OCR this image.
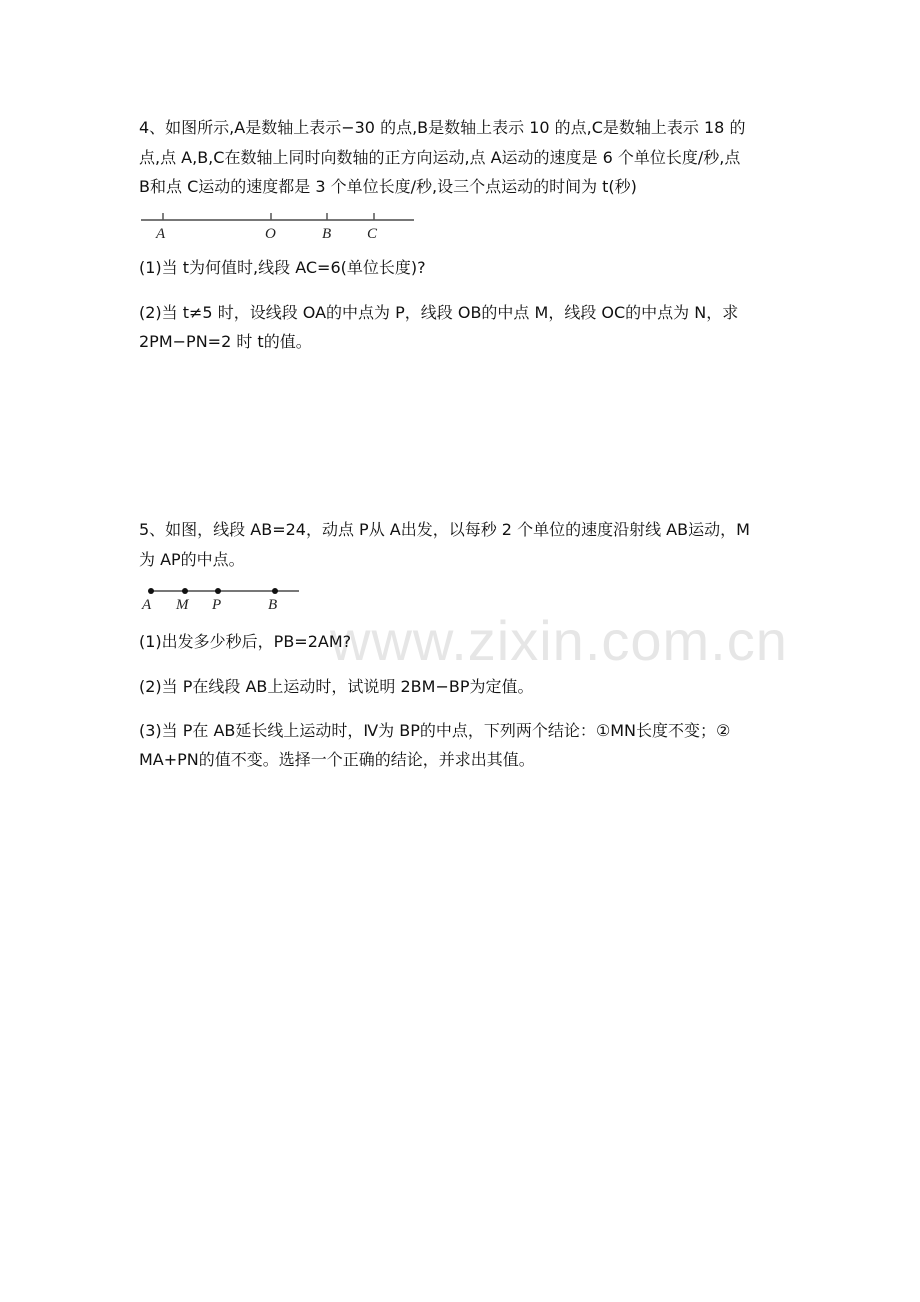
www.zixin.com.cn
4、如图所示,A是数轴上表示−30 的点,B是数轴上表示 10 的点,C是数轴上表示 18 的
点,点 A,B,C在数轴上同时向数轴的正方向运动,点 A运动的速度是 6 个单位长度/秒,点
B和点 C运动的速度都是 3 个单位长度/秒,设三个点运动的时间为 t(秒)
A	O	B C
(1)当 t为何值时,线段 AC=6(单位长度)?
(2)当 t≠5 时，设线段 OA的中点为 P，线段 OB的中点 M，线段 OC的中点为 N，求
2PM−PN=2 时 t的值。
5、如图，线段 AB=24，动点 P从 A出发，以每秒 2 个单位的速度沿射线 AB运动，M
为 AP的中点。
A M P	B
(1)出发多少秒后，PB=2AM?
(2)当 P在线段 AB上运动时，试说明 2BM−BP为定值。
(3)当 P在 AB延长线上运动时，Ⅳ为 BP的中点，下列两个结论：①MN长度不变；②
MA+PN的值不变。选择一个正确的结论，并求出其值。
